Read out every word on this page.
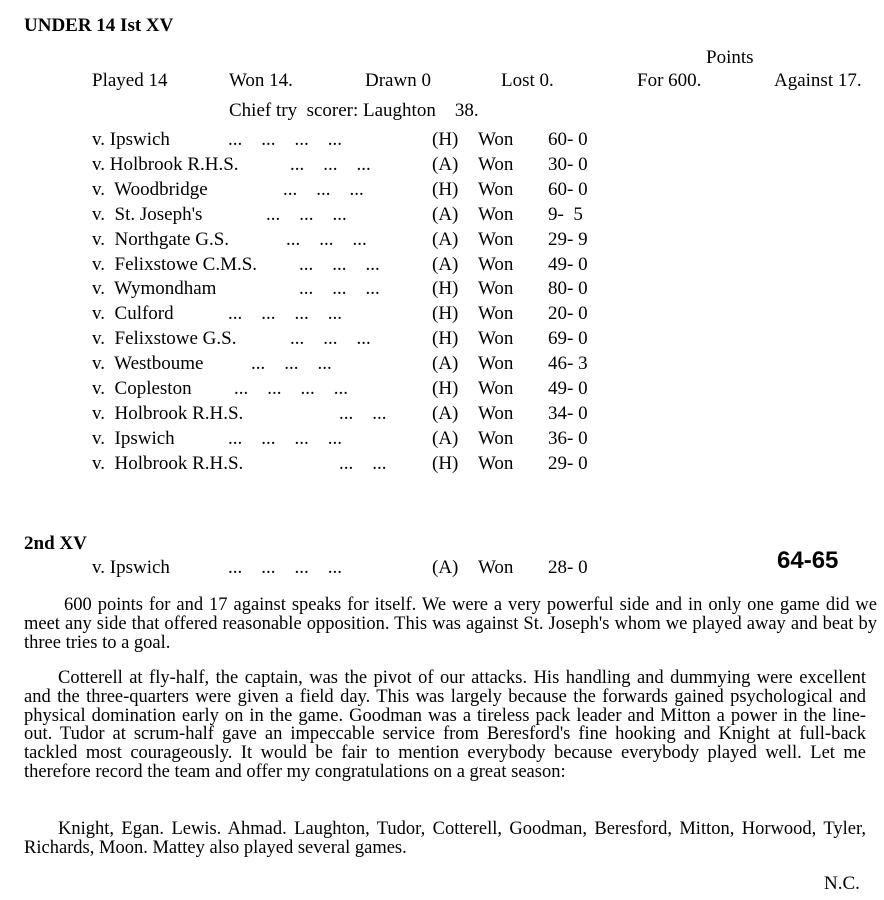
UNDER 14 Ist XV
Points
Played 14	Won 14.	Drawn 0	Lost 0.	For 600.	Against 17.
Chief try  scorer: Laughton    38.
v. Ipswich	...    ...    ...    ...	(H) Won 60- 0
v. Holbrook R.H.S.	...    ...    ...	(A) Won 30- 0
v.  Woodbridge	...    ...    ...	(H) Won 60- 0
v.  St. Joseph's	...    ...    ...	(A) Won 9-  5
v.  Northgate G.S.	...    ...    ...	(A) Won 29- 9
v.  Felixstowe C.M.S. ...    ...    ...	(A) Won 49- 0
v.  Wymondham	...    ...    ...	(H) Won 80- 0
v.  Culford	...    ...    ...    ...	(H) Won 20- 0
v.  Felixstowe G.S.	...    ...    ...	(H) Won 69- 0
v.  Westboume	...    ...    ...	(A) Won 46- 3
v.  Copleston ...    ...    ...    ...	(H) Won 49- 0
v.  Holbrook R.H.S.	...    ... (A) Won 34- 0
v.  Ipswich	...    ...    ...    ...	(A) Won 36- 0
v.  Holbrook R.H.S.	...    ... (H) Won 29- 0
2nd XV
v. Ipswich	...    ...    ...    ...	(A) Won 28- 0	64-65

600 points for and 17 against speaks for itself. We were a very powerful side and in only one game did we meet any side that offered reasonable opposition. This was against St. Joseph's whom we played away and beat by three tries to a goal.

Cotterell at fly-half, the captain, was the pivot of our attacks. His handling and dummying were excellent and the three-quarters were given a field day. This was largely because the forwards gained psychological and physical domination early on in the game. Goodman was a tireless pack leader and Mitton a power in the line-out. Tudor at scrum-half gave an impeccable service from Beresford's fine hooking and Knight at full-back tackled most courageously. It would be fair to mention everybody because everybody played well. Let me therefore record the team and offer my congratulations on a great season:

Knight, Egan. Lewis. Ahmad. Laughton, Tudor, Cotterell, Goodman, Beresford, Mitton, Horwood, Tyler, Richards, Moon. Mattey also played several games.

N.C.
